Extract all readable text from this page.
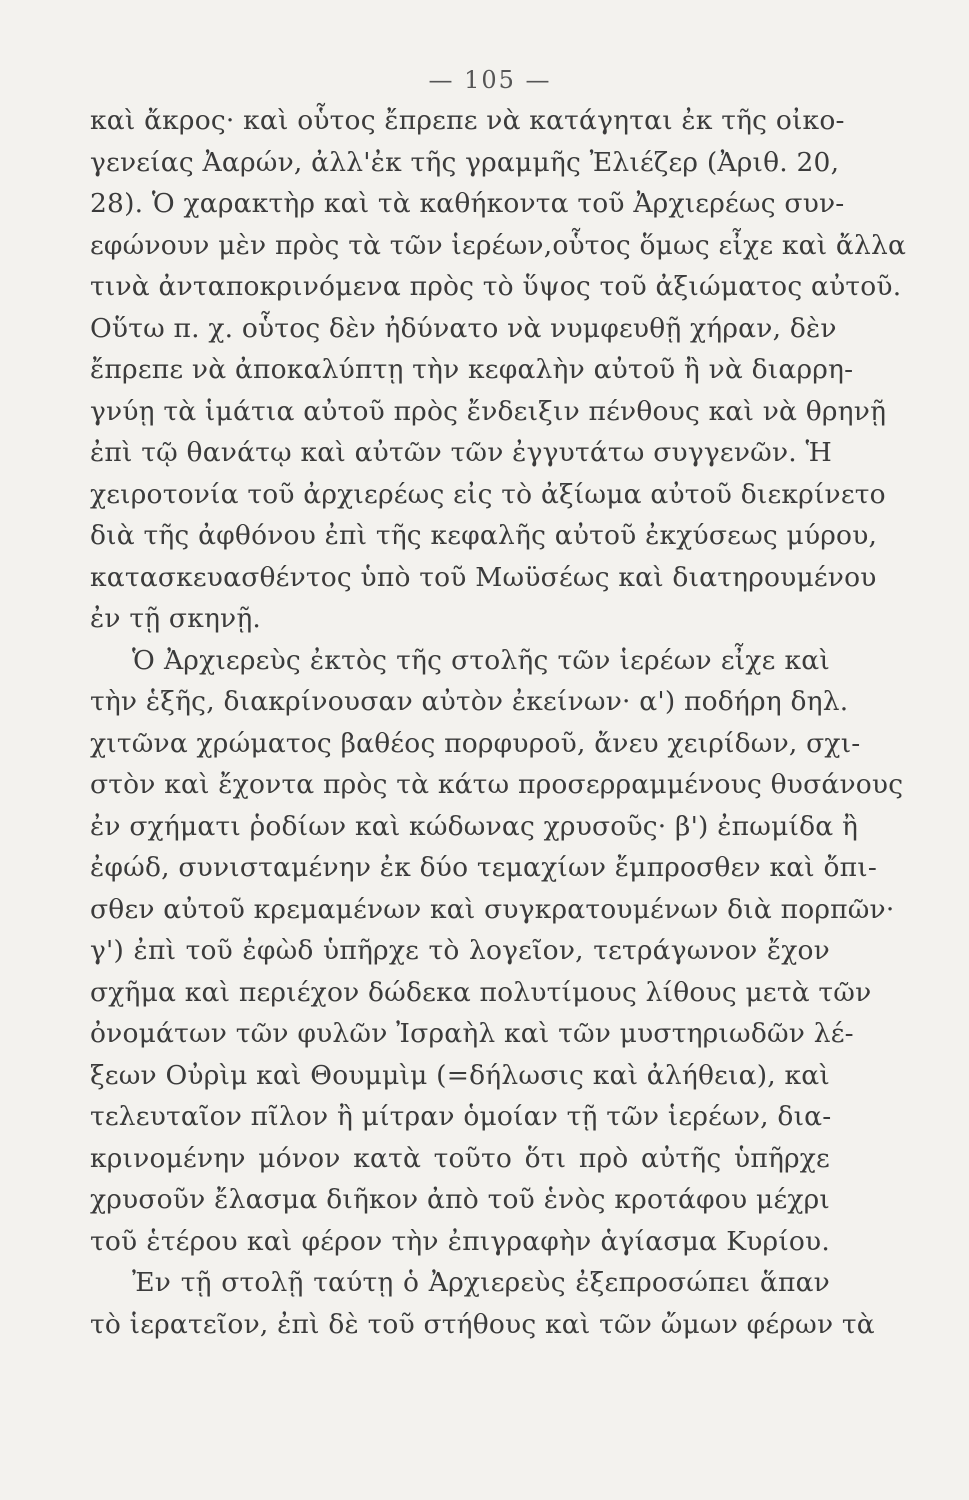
— 105 —
καὶ ἄκρος· καὶ οὗτος ἔπρεπε νὰ κατάγηται ἐκ τῆς οἰκο-
γενείας Ἀαρών, ἀλλ'ἐκ τῆς γραμμῆς Ἐλιέζερ (Ἀριθ. 20,
28). Ὁ χαρακτὴρ καὶ τὰ καθήκοντα τοῦ Ἀρχιερέως συν-
εφώνουν μὲν πρὸς τὰ τῶν ἱερέων,οὗτος ὅμως εἶχε καὶ ἄλλα
τινὰ ἀνταποκρινόμενα πρὸς τὸ ὕψος τοῦ ἀξιώματος αὐτοῦ.
Οὕτω π. χ. οὗτος δὲν ἠδύνατο νὰ νυμφευθῇ χήραν, δὲν
ἔπρεπε νὰ ἀποκαλύπτῃ τὴν κεφαλὴν αὐτοῦ ἢ νὰ διαρρη-
γνύῃ τὰ ἱμάτια αὐτοῦ πρὸς ἔνδειξιν πένθους καὶ νὰ θρηνῇ
ἐπὶ τῷ θανάτῳ καὶ αὐτῶν τῶν ἐγγυτάτω συγγενῶν. Ἡ
χειροτονία τοῦ ἀρχιερέως εἰς τὸ ἀξίωμα αὐτοῦ διεκρίνετο
διὰ τῆς ἀφθόνου ἐπὶ τῆς κεφαλῆς αὐτοῦ ἐκχύσεως μύρου,
κατασκευασθέντος ὑπὸ τοῦ Μωϋσέως καὶ διατηρουμένου
ἐν τῇ σκηνῇ.
Ὁ Ἀρχιερεὺς ἐκτὸς τῆς στολῆς τῶν ἱερέων εἶχε καὶ
τὴν ἑξῆς, διακρίνουσαν αὐτὸν ἐκείνων· α') ποδήρη δηλ.
χιτῶνα χρώματος βαθέος πορφυροῦ, ἄνευ χειρίδων, σχι-
στὸν καὶ ἔχοντα πρὸς τὰ κάτω προσερραμμένους θυσάνους
ἐν σχήματι ῥοδίων καὶ κώδωνας χρυσοῦς· β') ἐπωμίδα ἢ
ἐφώδ, συνισταμένην ἐκ δύο τεμαχίων ἔμπροσθεν καὶ ὄπι-
σθεν αὐτοῦ κρεμαμένων καὶ συγκρατουμένων διὰ πορπῶν·
γ') ἐπὶ τοῦ ἐφὼδ ὑπῆρχε τὸ λογεῖον, τετράγωνον ἔχον
σχῆμα καὶ περιέχον δώδεκα πολυτίμους λίθους μετὰ τῶν
ὀνομάτων τῶν φυλῶν Ἰσραὴλ καὶ τῶν μυστηριωδῶν λέ-
ξεων Οὐρὶμ καὶ Θουμμὶμ (=δήλωσις καὶ ἀλήθεια), καὶ
τελευταῖον πῖλον ἢ μίτραν ὁμοίαν τῇ τῶν ἱερέων, δια-
κρινομένην μόνον κατὰ τοῦτο ὅτι πρὸ αὐτῆς ὑπῆρχε
χρυσοῦν ἔλασμα διῆκον ἀπὸ τοῦ ἑνὸς κροτάφου μέχρι
τοῦ ἑτέρου καὶ φέρον τὴν ἐπιγραφὴν ἁγίασμα Κυρίου.
Ἐν τῇ στολῇ ταύτῃ ὁ Ἀρχιερεὺς ἐξεπροσώπει ἅπαν
τὸ ἱερατεῖον, ἐπὶ δὲ τοῦ στήθους καὶ τῶν ὤμων φέρων τὰ
